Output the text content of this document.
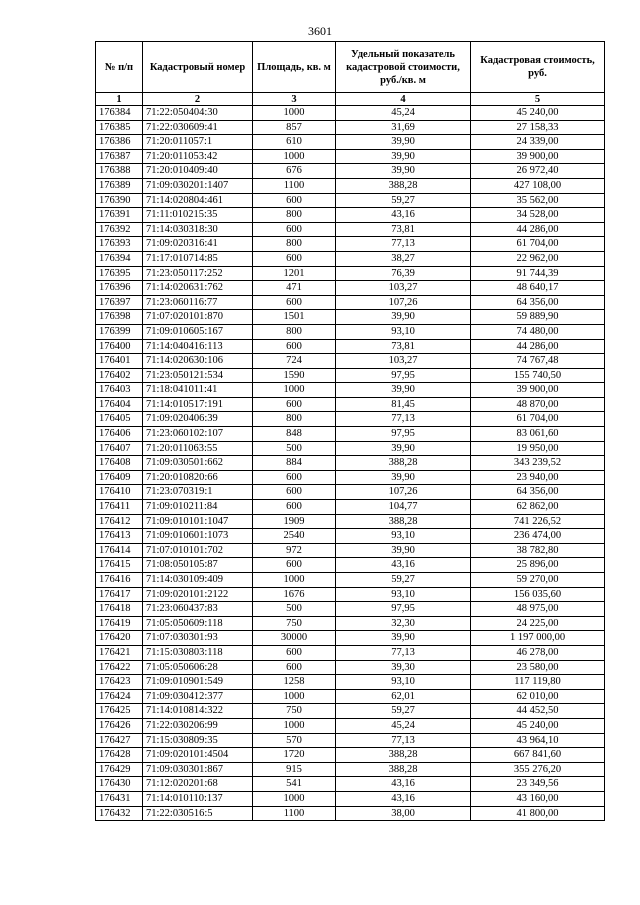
3601
№ п/п	Кадастровый номер	Площадь, кв. м	Удельный показатель кадастровой стоимости, руб./кв. м	Кадастровая стоимость, руб.
1	2	3	4	5
176384	71:22:050404:30	1000	45,24	45 240,00
176385	71:22:030609:41	857	31,69	27 158,33
176386	71:20:011057:1	610	39,90	24 339,00
176387	71:20:011053:42	1000	39,90	39 900,00
176388	71:20:010409:40	676	39,90	26 972,40
176389	71:09:030201:1407	1100	388,28	427 108,00
176390	71:14:020804:461	600	59,27	35 562,00
176391	71:11:010215:35	800	43,16	34 528,00
176392	71:14:030318:30	600	73,81	44 286,00
176393	71:09:020316:41	800	77,13	61 704,00
176394	71:17:010714:85	600	38,27	22 962,00
176395	71:23:050117:252	1201	76,39	91 744,39
176396	71:14:020631:762	471	103,27	48 640,17
176397	71:23:060116:77	600	107,26	64 356,00
176398	71:07:020101:870	1501	39,90	59 889,90
176399	71:09:010605:167	800	93,10	74 480,00
176400	71:14:040416:113	600	73,81	44 286,00
176401	71:14:020630:106	724	103,27	74 767,48
176402	71:23:050121:534	1590	97,95	155 740,50
176403	71:18:041011:41	1000	39,90	39 900,00
176404	71:14:010517:191	600	81,45	48 870,00
176405	71:09:020406:39	800	77,13	61 704,00
176406	71:23:060102:107	848	97,95	83 061,60
176407	71:20:011063:55	500	39,90	19 950,00
176408	71:09:030501:662	884	388,28	343 239,52
176409	71:20:010820:66	600	39,90	23 940,00
176410	71:23:070319:1	600	107,26	64 356,00
176411	71:09:010211:84	600	104,77	62 862,00
176412	71:09:010101:1047	1909	388,28	741 226,52
176413	71:09:010601:1073	2540	93,10	236 474,00
176414	71:07:010101:702	972	39,90	38 782,80
176415	71:08:050105:87	600	43,16	25 896,00
176416	71:14:030109:409	1000	59,27	59 270,00
176417	71:09:020101:2122	1676	93,10	156 035,60
176418	71:23:060437:83	500	97,95	48 975,00
176419	71:05:050609:118	750	32,30	24 225,00
176420	71:07:030301:93	30000	39,90	1 197 000,00
176421	71:15:030803:118	600	77,13	46 278,00
176422	71:05:050606:28	600	39,30	23 580,00
176423	71:09:010901:549	1258	93,10	117 119,80
176424	71:09:030412:377	1000	62,01	62 010,00
176425	71:14:010814:322	750	59,27	44 452,50
176426	71:22:030206:99	1000	45,24	45 240,00
176427	71:15:030809:35	570	77,13	43 964,10
176428	71:09:020101:4504	1720	388,28	667 841,60
176429	71:09:030301:867	915	388,28	355 276,20
176430	71:12:020201:68	541	43,16	23 349,56
176431	71:14:010110:137	1000	43,16	43 160,00
176432	71:22:030516:5	1100	38,00	41 800,00
